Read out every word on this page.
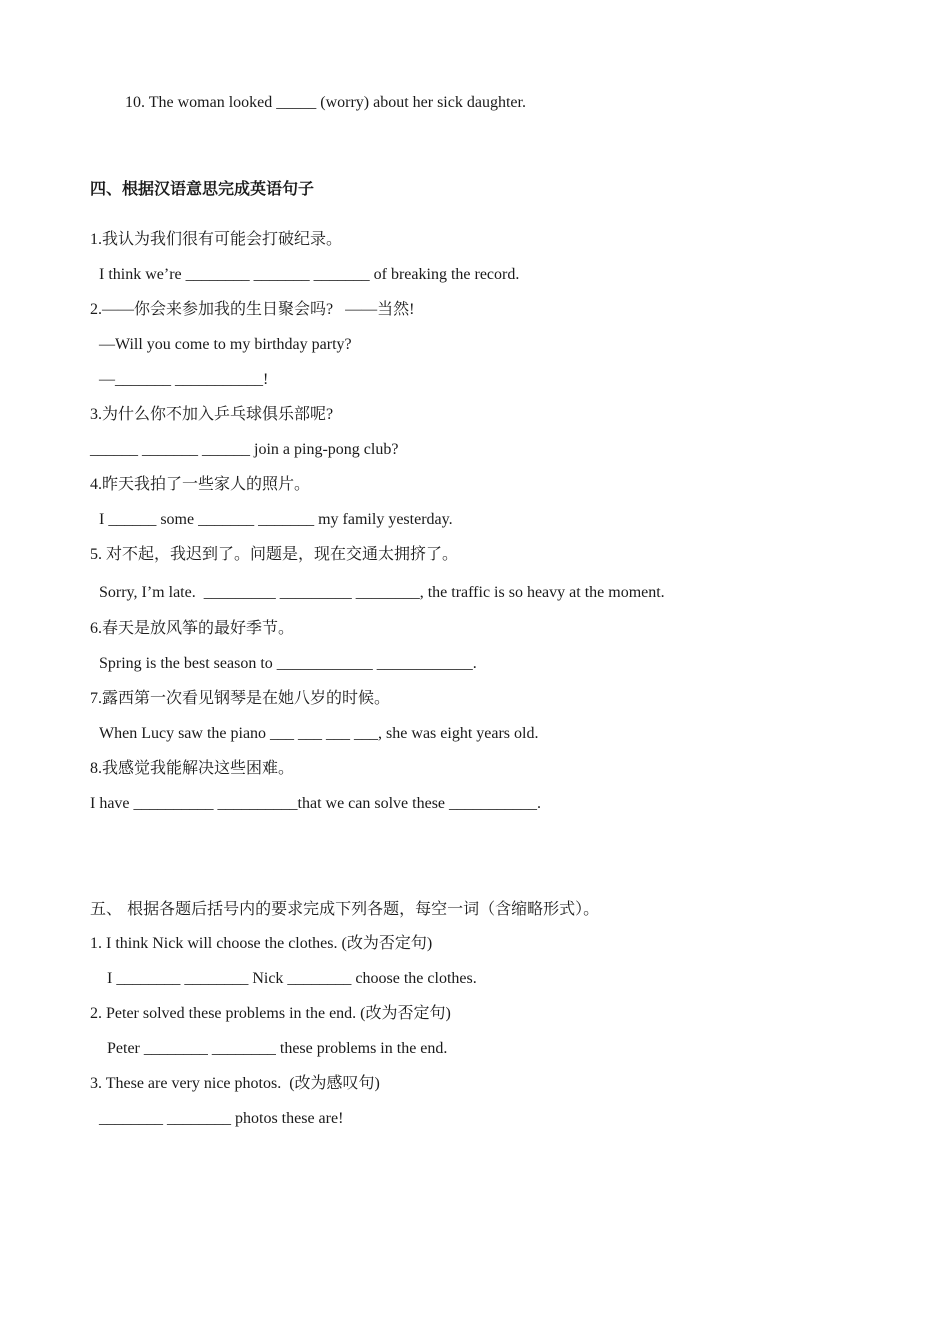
10. The woman looked _____ (worry) about her sick daughter.
四、根据汉语意思完成英语句子
1.我认为我们很有可能会打破纪录。
I think we’re ________ _______ _______ of breaking the record.
2.——你会来参加我的生日聚会吗?   ——当然!
—Will you come to my birthday party?
—_______ ___________!
3.为什么你不加入乒乓球俱乐部呢?
______ _______ ______ join a ping-pong club?
4.昨天我拍了一些家人的照片。
I ______ some _______ _______ my family yesterday.
5. 对不起，我迟到了。问题是，现在交通太拥挤了。
Sorry, I’m late.  _________ _________ ________, the traffic is so heavy at the moment.
6.春天是放风筝的最好季节。
Spring is the best season to ____________ ____________.
7.露西第一次看见钢琴是在她八岁的时候。
When Lucy saw the piano ___ ___ ___ ___, she was eight years old.
8.我感觉我能解决这些困难。
I have __________ __________that we can solve these ___________.
五、 根据各题后括号内的要求完成下列各题，每空一词（含缩略形式）。
1. I think Nick will choose the clothes. (改为否定句)
I ________ ________ Nick ________ choose the clothes.
2. Peter solved these problems in the end. (改为否定句)
Peter ________ ________ these problems in the end.
3. These are very nice photos.  (改为感叹句)
________ ________ photos these are!
